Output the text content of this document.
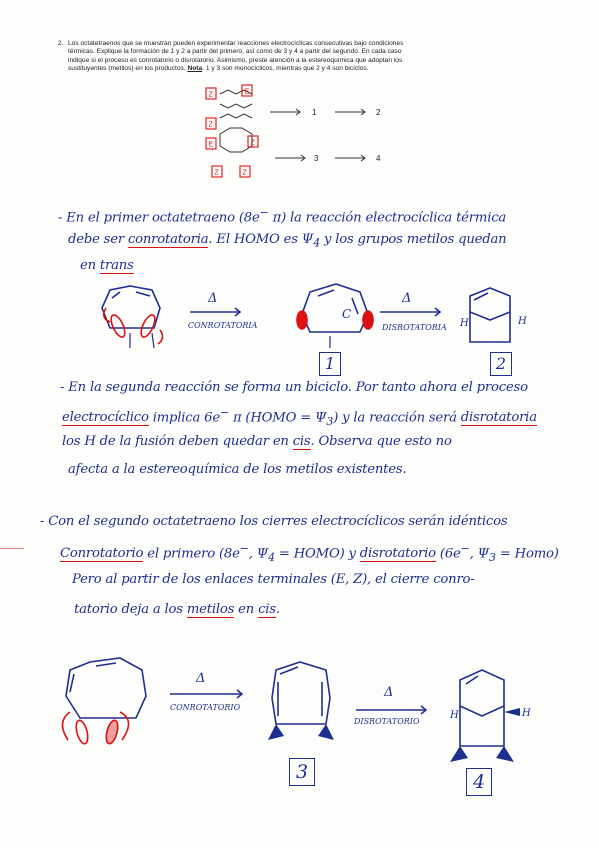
2. Los octatetraenos que se muestran pueden experimentar reacciones electrocíclicas consecutivas bajo condiciones
térmicas. Explique la formación de 1 y 2 a partir del primero, así como de 3 y 4 a partir del segundo. En cada caso
indique si el proceso es conrotatorio o disrotatorio. Asimismo, preste atención a la estereoquímica que adoptan los
sustituyentes (metilos) en los productos. Nota. 1 y 3 son monocíclicos, mientras que 2 y 4 son bicíclos.
Z	E
Z
E	Z
Z	Z
1	2
3	4
- En el primer octatetraeno (8e− π) la reacción electrocíclica térmica
debe ser conrotatoria. El HOMO es $\Psi_4$ y los grupos metilos quedan
en trans
Δ
CONROTATORIA
Δ
DISROTATORIA
C
H	H
1	2
- En la segunda reacción se forma un biciclo. Por tanto ahora el proceso
electrocíclico implica 6e− π (HOMO = $\Psi_3$) y la reacción será disrotatoria
los H de la fusión deben quedar en cis. Observa que esto no
afecta a la estereoquímica de los metilos existentes.
- Con el segundo octatetraeno los cierres electrocíclicos serán idénticos
Conrotatorio el primero (8e−, $\Psi_4$ = HOMO) y disrotatorio (6e−, $\Psi_3$ = Homo)
Pero al partir de los enlaces terminales (E, Z), el cierre conro-
tatorio deja a los metilos en cis.
Δ
CONROTATORIO
Δ
DISROTATORIO
H	H
3	4
